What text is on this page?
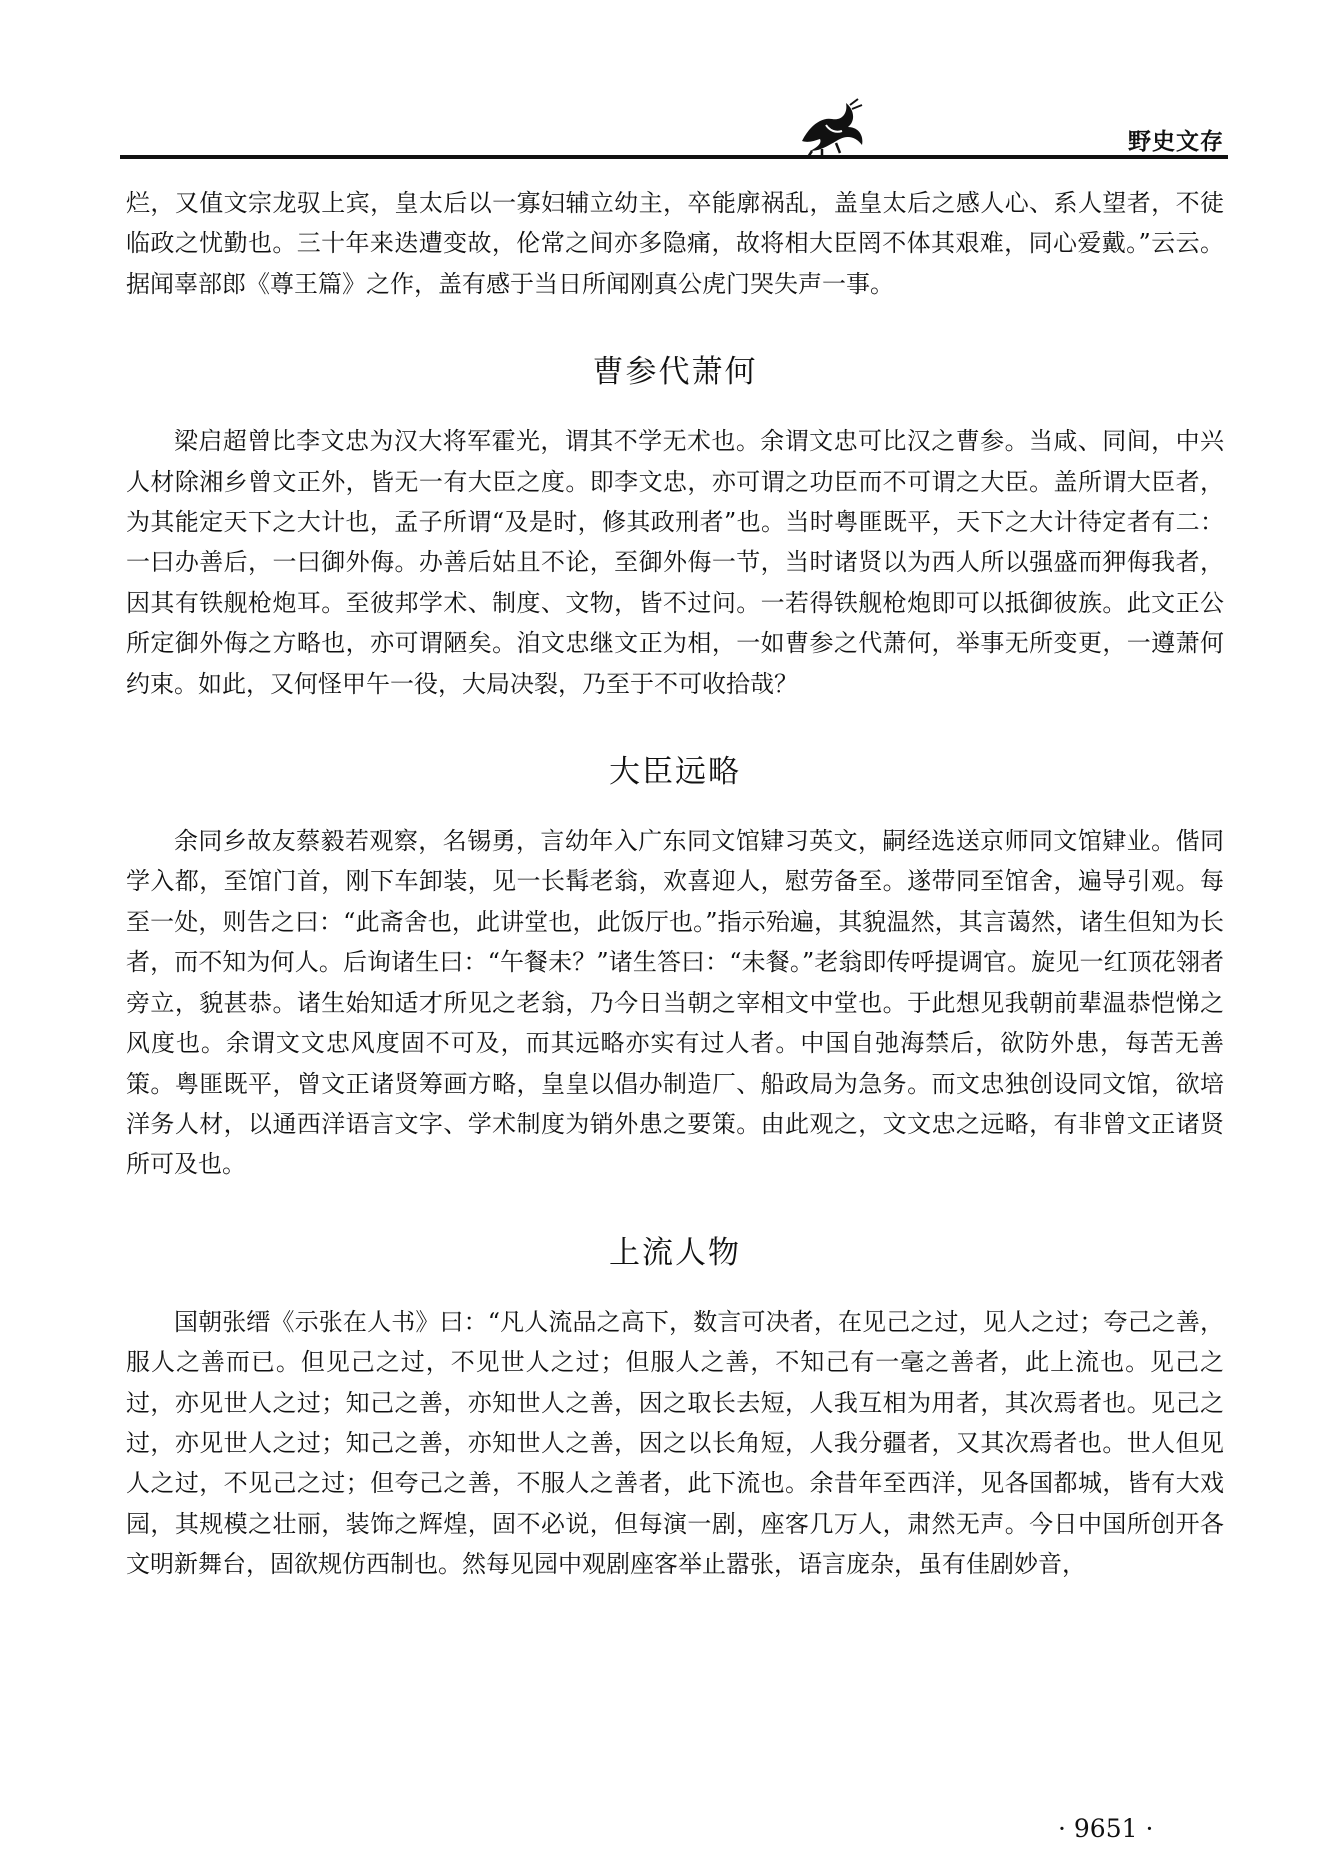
野史文存

烂，又值文宗龙驭上宾，皇太后以一寡妇辅立幼主，卒能廓祸乱，盖皇太后之感人心、系人望者，不徒临政之忧勤也。三十年来迭遭变故，伦常之间亦多隐痛，故将相大臣罔不体其艰难，同心爱戴。”云云。据闻辜部郎《尊王篇》之作，盖有感于当日所闻刚真公虎门哭失声一事。

曹参代萧何

梁启超曾比李文忠为汉大将军霍光，谓其不学无术也。余谓文忠可比汉之曹参。当咸、同间，中兴人材除湘乡曾文正外，皆无一有大臣之度。即李文忠，亦可谓之功臣而不可谓之大臣。盖所谓大臣者，为其能定天下之大计也，孟子所谓“及是时，修其政刑者”也。当时粤匪既平，天下之大计待定者有二：一曰办善后，一曰御外侮。办善后姑且不论，至御外侮一节，当时诸贤以为西人所以强盛而狎侮我者，因其有铁舰枪炮耳。至彼邦学术、制度、文物，皆不过问。一若得铁舰枪炮即可以抵御彼族。此文正公所定御外侮之方略也，亦可谓陋矣。洎文忠继文正为相，一如曹参之代萧何，举事无所变更，一遵萧何约束。如此，又何怪甲午一役，大局决裂，乃至于不可收拾哉？

大臣远略

余同乡故友蔡毅若观察，名锡勇，言幼年入广东同文馆肄习英文，嗣经选送京师同文馆肄业。偕同学入都，至馆门首，刚下车卸装，见一长髯老翁，欢喜迎人，慰劳备至。遂带同至馆舍，遍导引观。每至一处，则告之曰：“此斋舍也，此讲堂也，此饭厅也。”指示殆遍，其貌温然，其言蔼然，诸生但知为长者，而不知为何人。后询诸生曰：“午餐未？”诸生答曰：“未餐。”老翁即传呼提调官。旋见一红顶花翎者旁立，貌甚恭。诸生始知适才所见之老翁，乃今日当朝之宰相文中堂也。于此想见我朝前辈温恭恺悌之风度也。余谓文文忠风度固不可及，而其远略亦实有过人者。中国自弛海禁后，欲防外患，每苦无善策。粤匪既平，曾文正诸贤筹画方略，皇皇以倡办制造厂、船政局为急务。而文忠独创设同文馆，欲培洋务人材，以通西洋语言文字、学术制度为销外患之要策。由此观之，文文忠之远略，有非曾文正诸贤所可及也。

上流人物

国朝张缙《示张在人书》曰：“凡人流品之高下，数言可决者，在见己之过，见人之过；夸己之善，服人之善而已。但见己之过，不见世人之过；但服人之善，不知己有一毫之善者，此上流也。见己之过，亦见世人之过；知己之善，亦知世人之善，因之取长去短，人我互相为用者，其次焉者也。见己之过，亦见世人之过；知己之善，亦知世人之善，因之以长角短，人我分疆者，又其次焉者也。世人但见人之过，不见己之过；但夸己之善，不服人之善者，此下流也。余昔年至西洋，见各国都城，皆有大戏园，其规模之壮丽，装饰之辉煌，固不必说，但每演一剧，座客几万人，肃然无声。今日中国所创开各文明新舞台，固欲规仿西制也。然每见园中观剧座客举止嚣张，语言庞杂，虽有佳剧妙音，

· 9651 ·
